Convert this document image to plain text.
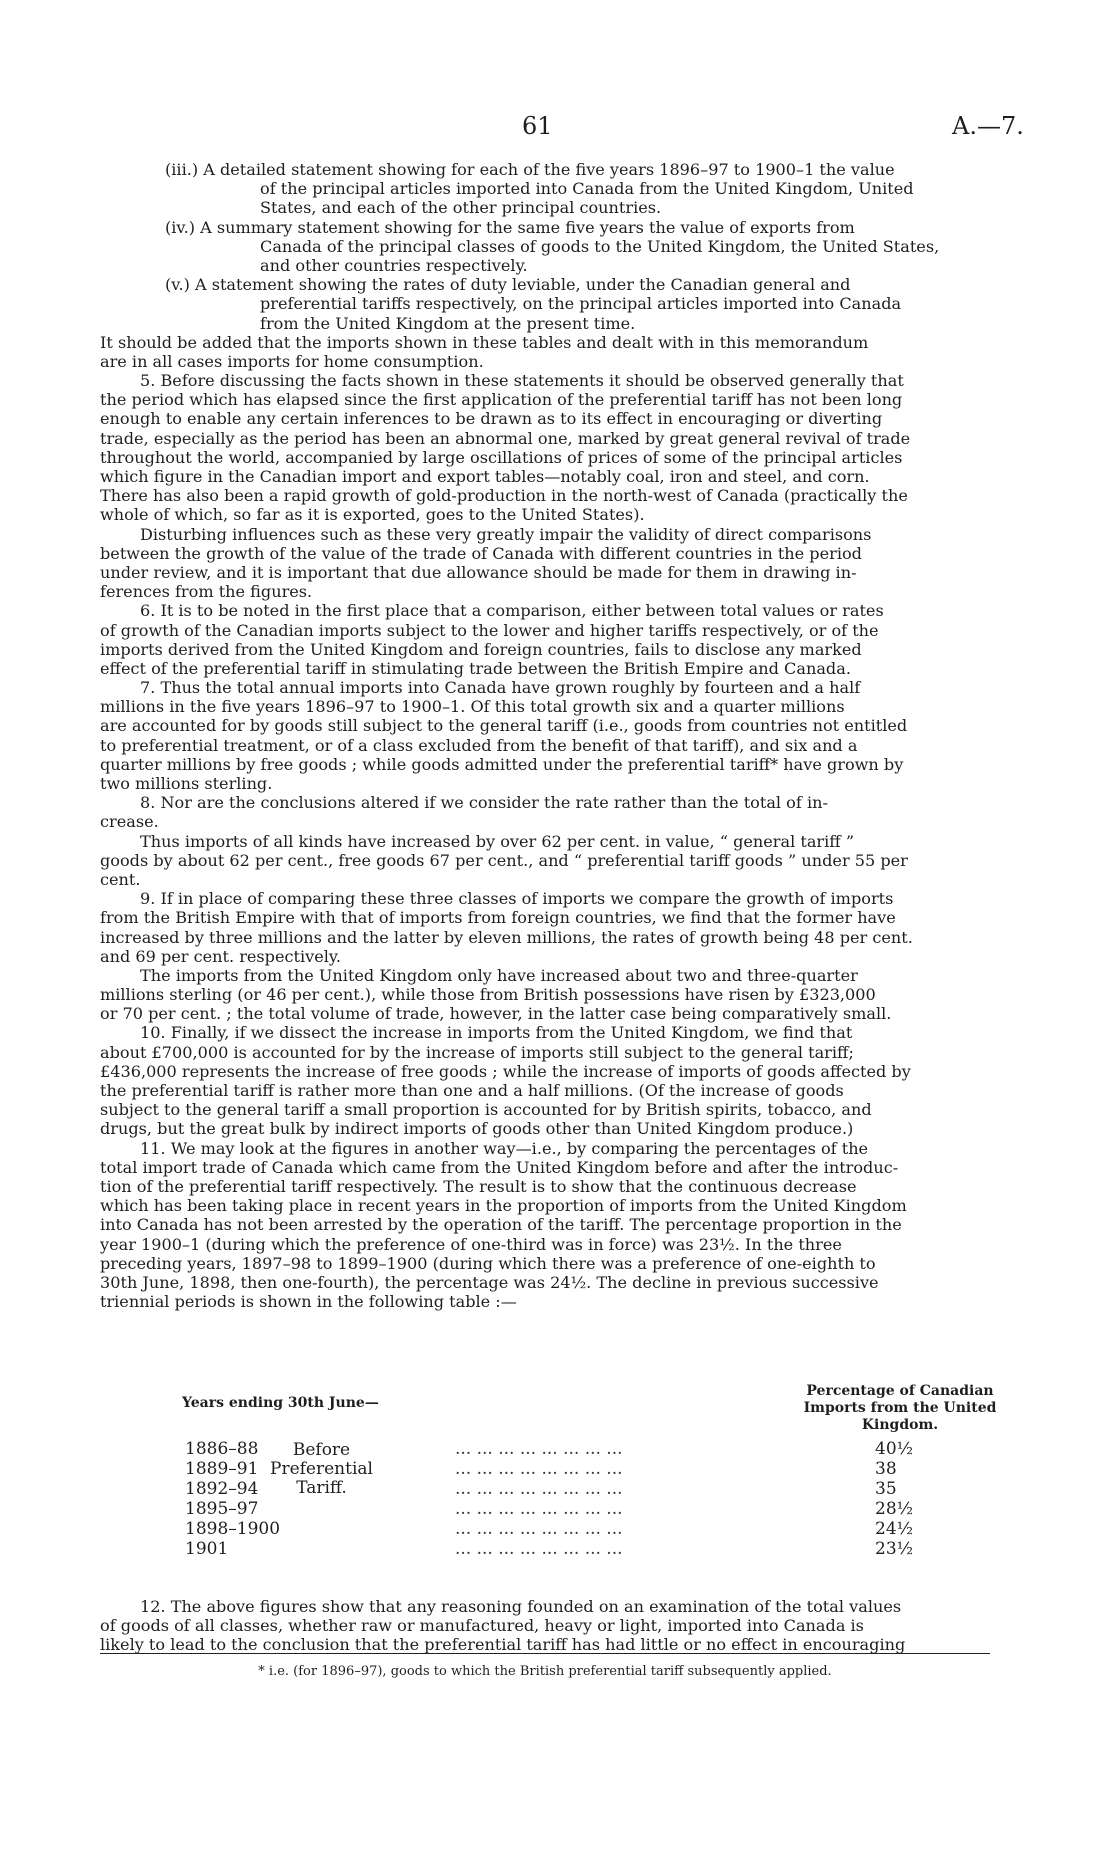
61	A.—7.
(iii.) A detailed statement showing for each of the five years 1896–97 to 1900–1 the value
of the principal articles imported into Canada from the United Kingdom, United
States, and each of the other principal countries.
(iv.) A summary statement showing for the same five years the value of exports from
Canada of the principal classes of goods to the United Kingdom, the United States,
and other countries respectively.
(v.) A statement showing the rates of duty leviable, under the Canadian general and
preferential tariffs respectively, on the principal articles imported into Canada
from the United Kingdom at the present time.
It should be added that the imports shown in these tables and dealt with in this memorandum
are in all cases imports for home consumption.
5. Before discussing the facts shown in these statements it should be observed generally that
the period which has elapsed since the first application of the preferential tariff has not been long
enough to enable any certain inferences to be drawn as to its effect in encouraging or diverting
trade, especially as the period has been an abnormal one, marked by great general revival of trade
throughout the world, accompanied by large oscillations of prices of some of the principal articles
which figure in the Canadian import and export tables—notably coal, iron and steel, and corn.
There has also been a rapid growth of gold-production in the north-west of Canada (practically the
whole of which, so far as it is exported, goes to the United States).
Disturbing influences such as these very greatly impair the validity of direct comparisons
between the growth of the value of the trade of Canada with different countries in the period
under review, and it is important that due allowance should be made for them in drawing in-
ferences from the figures.
6. It is to be noted in the first place that a comparison, either between total values or rates
of growth of the Canadian imports subject to the lower and higher tariffs respectively, or of the
imports derived from the United Kingdom and foreign countries, fails to disclose any marked
effect of the preferential tariff in stimulating trade between the British Empire and Canada.
7. Thus the total annual imports into Canada have grown roughly by fourteen and a half
millions in the five years 1896–97 to 1900–1. Of this total growth six and a quarter millions
are accounted for by goods still subject to the general tariff (i.e., goods from countries not entitled
to preferential treatment, or of a class excluded from the benefit of that tariff), and six and a
quarter millions by free goods ; while goods admitted under the preferential tariff* have grown by
two millions sterling.
8. Nor are the conclusions altered if we consider the rate rather than the total of in-
crease.
Thus imports of all kinds have increased by over 62 per cent. in value, “ general tariff ”
goods by about 62 per cent., free goods 67 per cent., and “ preferential tariff goods ” under 55 per
cent.
9. If in place of comparing these three classes of imports we compare the growth of imports
from the British Empire with that of imports from foreign countries, we find that the former have
increased by three millions and the latter by eleven millions, the rates of growth being 48 per cent.
and 69 per cent. respectively.
The imports from the United Kingdom only have increased about two and three-quarter
millions sterling (or 46 per cent.), while those from British possessions have risen by £323,000
or 70 per cent. ; the total volume of trade, however, in the latter case being comparatively small.
10. Finally, if we dissect the increase in imports from the United Kingdom, we find that
about £700,000 is accounted for by the increase of imports still subject to the general tariff;
£436,000 represents the increase of free goods ; while the increase of imports of goods affected by
the preferential tariff is rather more than one and a half millions. (Of the increase of goods
subject to the general tariff a small proportion is accounted for by British spirits, tobacco, and
drugs, but the great bulk by indirect imports of goods other than United Kingdom produce.)
11. We may look at the figures in another way—i.e., by comparing the percentages of the
total import trade of Canada which came from the United Kingdom before and after the introduc-
tion of the preferential tariff respectively. The result is to show that the continuous decrease
which has been taking place in recent years in the proportion of imports from the United Kingdom
into Canada has not been arrested by the operation of the tariff. The percentage proportion in the
year 1900–1 (during which the preference of one-third was in force) was 23½. In the three
preceding years, 1897–98 to 1899–1900 (during which there was a preference of one-eighth to
30th June, 1898, then one-fourth), the percentage was 24½. The decline in previous successive
triennial periods is shown in the following table :—
Years ending 30th June—
Percentage of Canadian Imports from the United Kingdom.
1886–88	... ... ... ... ... ... ... ...	40½
1889–91	... ... ... ... ... ... ... ...	38
1892–94	... ... ... ... ... ... ... ...	35
1895–97	... ... ... ... ... ... ... ...	28½
1898–1900	... ... ... ... ... ... ... ...	24½
1901	... ... ... ... ... ... ... ...	23½
Before
Preferential
Tariff.
12. The above figures show that any reasoning founded on an examination of the total values
of goods of all classes, whether raw or manufactured, heavy or light, imported into Canada is
likely to lead to the conclusion that the preferential tariff has had little or no effect in encouraging
* i.e. (for 1896–97), goods to which the British preferential tariff subsequently applied.
